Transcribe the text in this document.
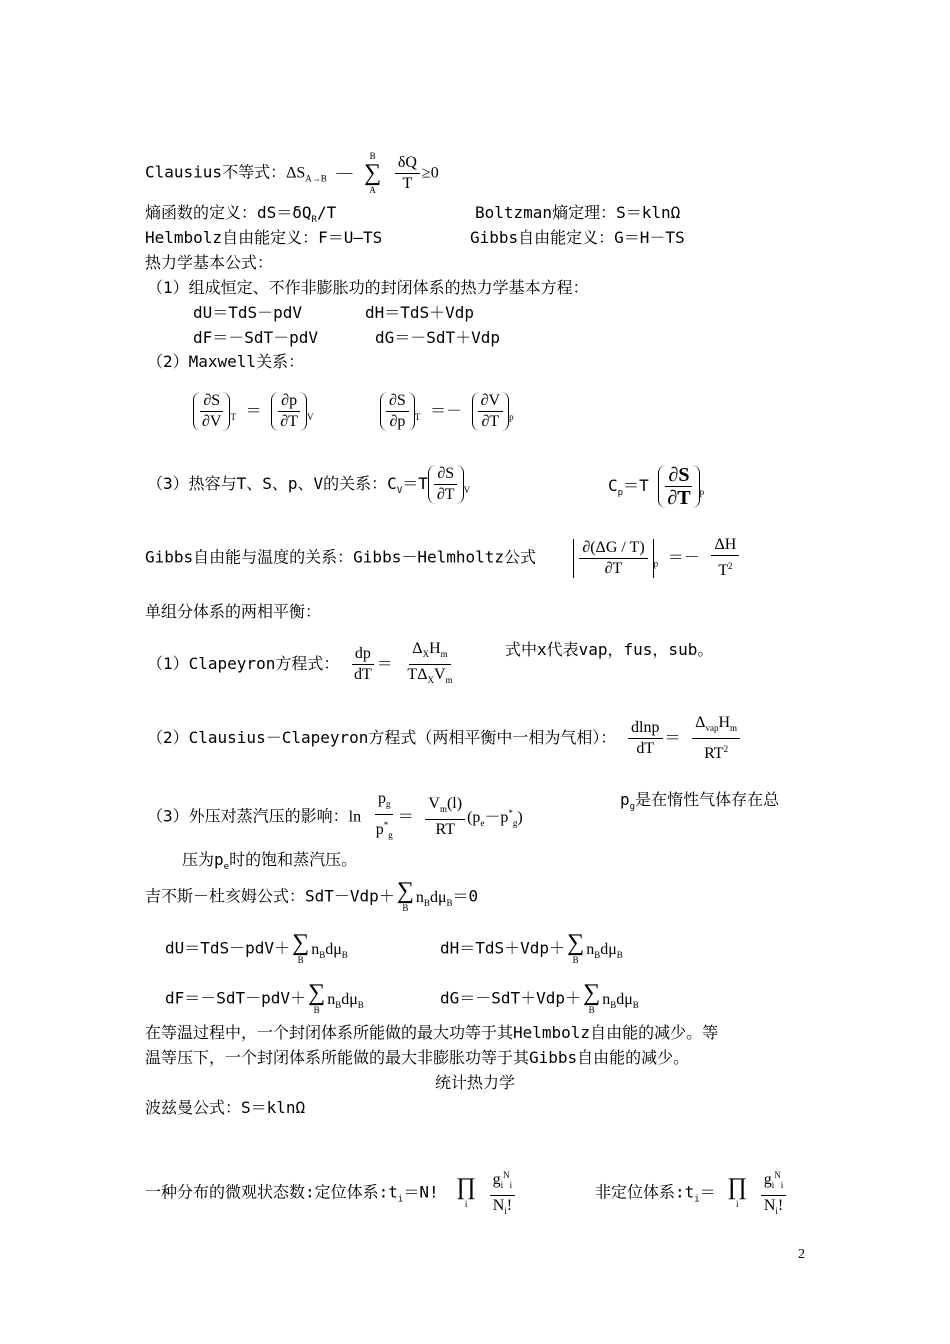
Clausius不等式：$\Delta S_{A\to B}$ —
B
∑
A
$\frac{\delta Q}{T} \ge 0$
熵函数的定义：$dS=\delta Q_R/T$	Boltzman熵定理：S＝klnΩ
Helmbolz自由能定义：F＝U—TS	Gibbs自由能定义：G＝H－TS
热力学基本公式：
（1）组成恒定、不作非膨胀功的封闭体系的热力学基本方程：
dU＝TdS－pdV	dH＝TdS＋Vdp
dF＝－SdT－pdV	dG＝－SdT＋Vdp
（2）Maxwell关系：
$\frac{\partial S}{\partial V} _T = \frac{\partial p}{\partial T} _V$	$\frac{\partial S}{\partial p} _T =- \frac{\partial V}{\partial T} _p$
（3）热容与T、S、p、V的关系：$C_V=T \frac{\partial S}{\partial T} _V$	$C_p=T \frac{\partial S}{\partial T} _p$
Gibbs自由能与温度的关系：Gibbs－Helmholtz公式	$\frac{\partial(\Delta G / T)}{\partial T} _p =- \frac{\Delta H}{T^2}$
单组分体系的两相平衡：
（1）Clapeyron方程式： $\frac{dp}{dT} = \frac{\Delta_XH_m}{T\Delta_XV_m}$	式中x代表vap，fus，sub。
（2）Clausius－Clapeyron方程式（两相平衡中一相为气相）： $\frac{dlnp}{dT} = \frac{\Delta_{vap}H_m}{RT^2}$
（3）外压对蒸汽压的影响：$\ln \frac{p_g}{p^*_g} = \frac{V_m(l)}{RT} (p_e-p^*_g)$
$p_g$是在惰性气体存在总
压为$p_e$时的饱和蒸汽压。
吉不斯－杜亥姆公式：SdT－Vdp＋ ∑
B
$n_Bd\mu_B=0$
dU＝TdS－pdV＋ ∑
B
$n_Bd\mu_B$	dH＝TdS＋Vdp＋ ∑
B
$n_Bd\mu_B$
dF＝－SdT－pdV＋ ∑
B
$n_Bd\mu_B$	dG＝－SdT＋Vdp＋ ∑
B
$n_Bd\mu_B$
在等温过程中，一个封闭体系所能做的最大功等于其Helmbolz自由能的减少。等
温等压下，一个封闭体系所能做的最大非膨胀功等于其Gibbs自由能的减少。
统计热力学
波兹曼公式：S＝klnΩ
一种分布的微观状态数:定位体系$:t_i=N$! ∏
i
$\frac{g_i^N_i}{N_i!}$	非定位体系$:t_i=$ ∏
i
$\frac{g_i^N_i}{N_i!}$
2
